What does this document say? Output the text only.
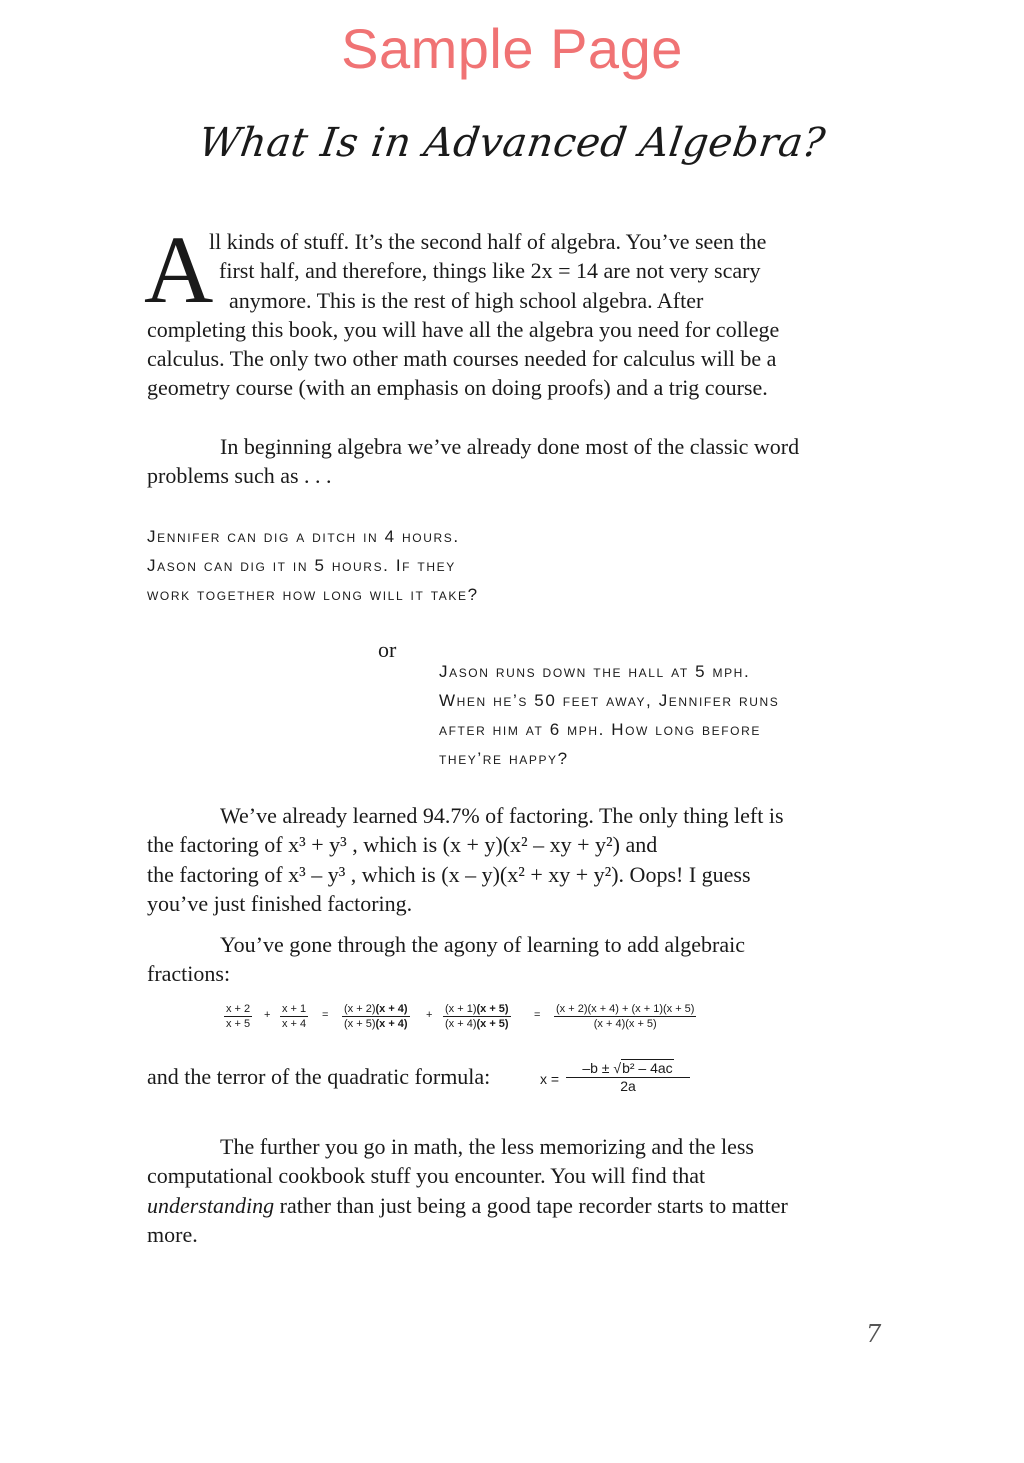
Sample Page
What Is in Advanced Algebra?
A
ll kinds of stuff. It’s the second half of algebra. You’ve seen the
first half, and therefore, things like 2x = 14 are not very scary
anymore. This is the rest of high school algebra. After
completing this book, you will have all the algebra you need for college
calculus. The only two other math courses needed for calculus will be a
geometry course (with an emphasis on doing proofs) and a trig course.
In beginning algebra we’ve already done most of the classic word
problems such as . . .
Jennifer can dig a ditch in 4 hours.
Jason can dig it in 5 hours. If they
work together how long will it take?
or
Jason runs down the hall at 5 mph.
When he’s 50 feet away, Jennifer runs
after him at 6 mph. How long before
they’re happy?
We’ve already learned 94.7% of factoring. The only thing left is
the factoring of x³ + y³ , which is (x + y)(x² – xy + y²) and
the factoring of x³ – y³ , which is (x – y)(x² + xy + y²). Oops! I guess
you’ve just finished factoring.
You’ve gone through the agony of learning to add algebraic
fractions:
$\frac{x + 2}{x + 5} + \frac{x + 1}{x + 4} = \frac{(x + 2)(x + 4)}{(x + 5)(x + 4)} + \frac{(x + 1)(x + 5)}{(x + 4)(x + 5)} = \frac{(x + 2)(x + 4) + (x + 1)(x + 5)}{(x + 4)(x + 5)}$
and the terror of the quadratic formula:	$x = \frac{\text{–b ± √b² – 4ac}}{2a}$
The further you go in math, the less memorizing and the less
computational cookbook stuff you encounter. You will find that
understanding rather than just being a good tape recorder starts to matter
more.
7
